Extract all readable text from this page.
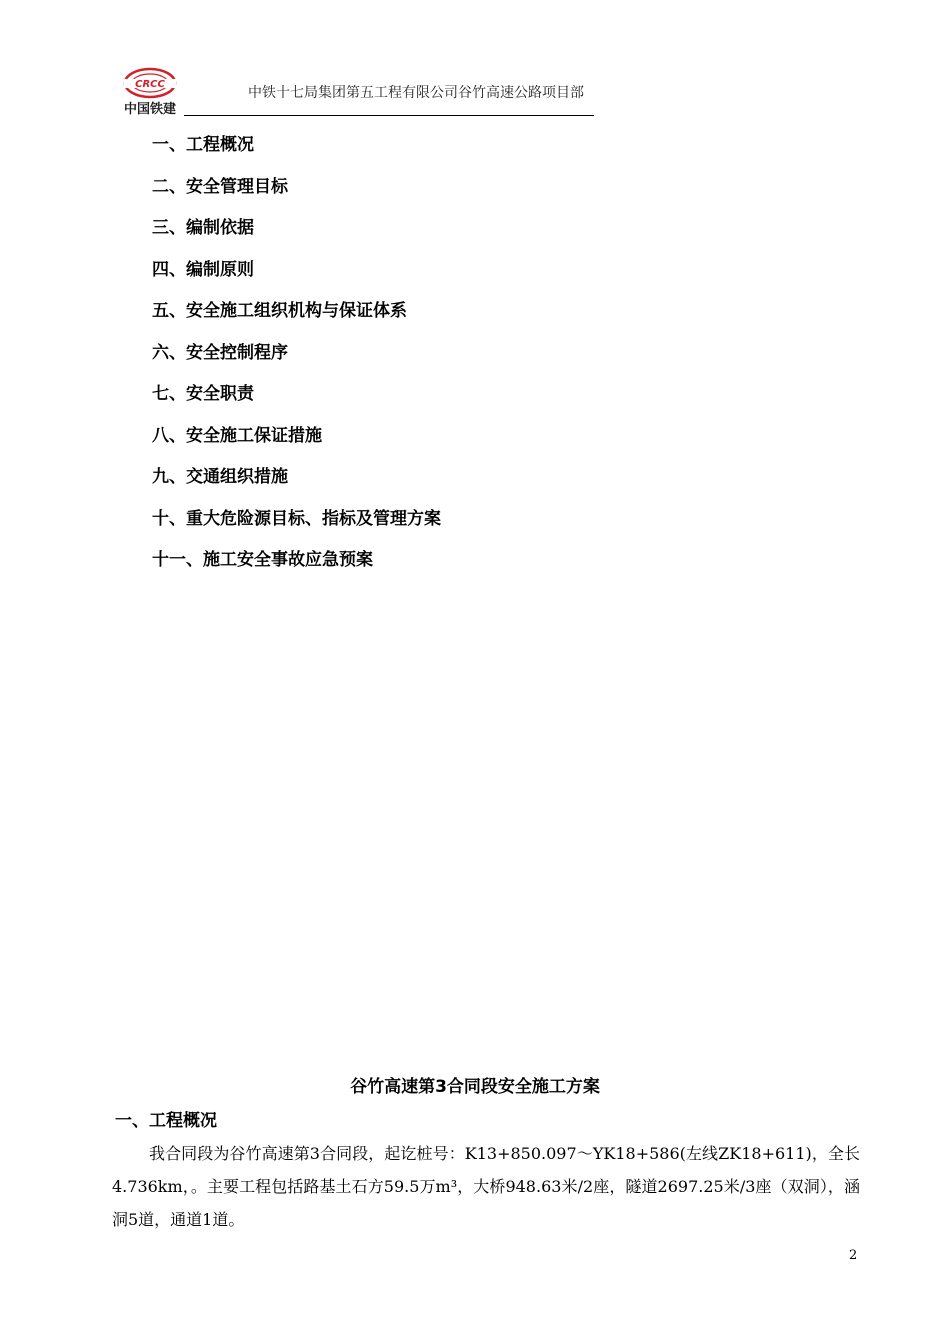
CRCC
中国铁建
中铁十七局集团第五工程有限公司谷竹高速公路项目部
一、工程概况
二、安全管理目标
三、编制依据
四、编制原则
五、安全施工组织机构与保证体系
六、安全控制程序
七、安全职责
八、安全施工保证措施
九、交通组织措施
十、重大危险源目标、指标及管理方案
十一、施工安全事故应急预案
谷竹高速第3合同段安全施工方案
一、工程概况

我合同段为谷竹高速第3合同段，起讫桩号：K13+850.097～YK18+586(左线ZK18+611)，全长4.736km，。主要工程包括路基土石方59.5万m³，大桥948.63米/2座，隧道2697.25米/3座（双洞），涵洞5道，通道1道。

2
